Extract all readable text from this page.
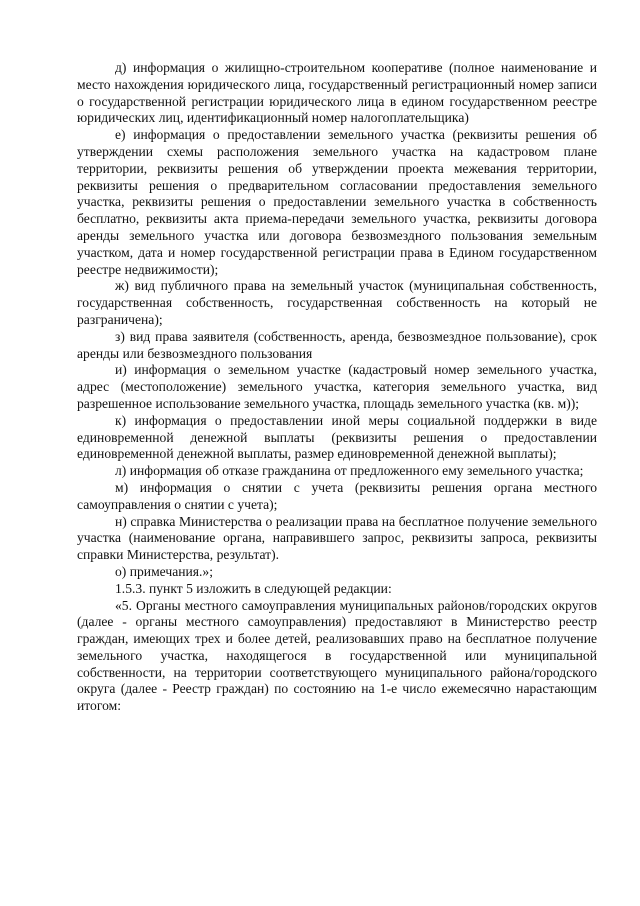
д) информация о жилищно-строительном кооперативе (полное наименование и место нахождения юридического лица, государственный регистрационный номер записи о государственной регистрации юридического лица в едином государственном реестре юридических лиц, идентификационный номер налогоплательщика)

е) информация о предоставлении земельного участка (реквизиты решения об утверждении схемы расположения земельного участка на кадастровом плане территории, реквизиты решения об утверждении проекта межевания территории, реквизиты решения о предварительном согласовании предоставления земельного участка, реквизиты решения о предоставлении земельного участка в собственность бесплатно, реквизиты акта приема-передачи земельного участка, реквизиты договора аренды земельного участка или договора безвозмездного пользования земельным участком, дата и номер государственной регистрации права в Едином государственном реестре недвижимости);

ж) вид публичного права на земельный участок (муниципальная собственность, государственная собственность, государственная собственность на который не разграничена);

з) вид права заявителя (собственность, аренда, безвозмездное пользование), срок аренды или безвозмездного пользования

и) информация о земельном участке (кадастровый номер земельного участка, адрес (местоположение) земельного участка, категория земельного участка, вид разрешенное использование земельного участка, площадь земельного участка (кв. м));

к) информация о предоставлении иной меры социальной поддержки в виде единовременной денежной выплаты (реквизиты решения о предоставлении единовременной денежной выплаты, размер единовременной денежной выплаты);

л) информация об отказе гражданина от предложенного ему земельного участка;

м) информация о снятии с учета (реквизиты решения органа местного самоуправления о снятии с учета);

н) справка Министерства о реализации права на бесплатное получение земельного участка (наименование органа, направившего запрос, реквизиты запроса, реквизиты справки Министерства, результат).

о) примечания.»;

1.5.3. пункт 5 изложить в следующей редакции:

«5. Органы местного самоуправления муниципальных районов/городских округов (далее - органы местного самоуправления) предоставляют в Министерство реестр граждан, имеющих трех и более детей, реализовавших право на бесплатное получение земельного участка, находящегося в государственной или муниципальной собственности, на территории соответствующего муниципального района/городского округа (далее - Реестр граждан) по состоянию на 1-е число ежемесячно нарастающим итогом:
